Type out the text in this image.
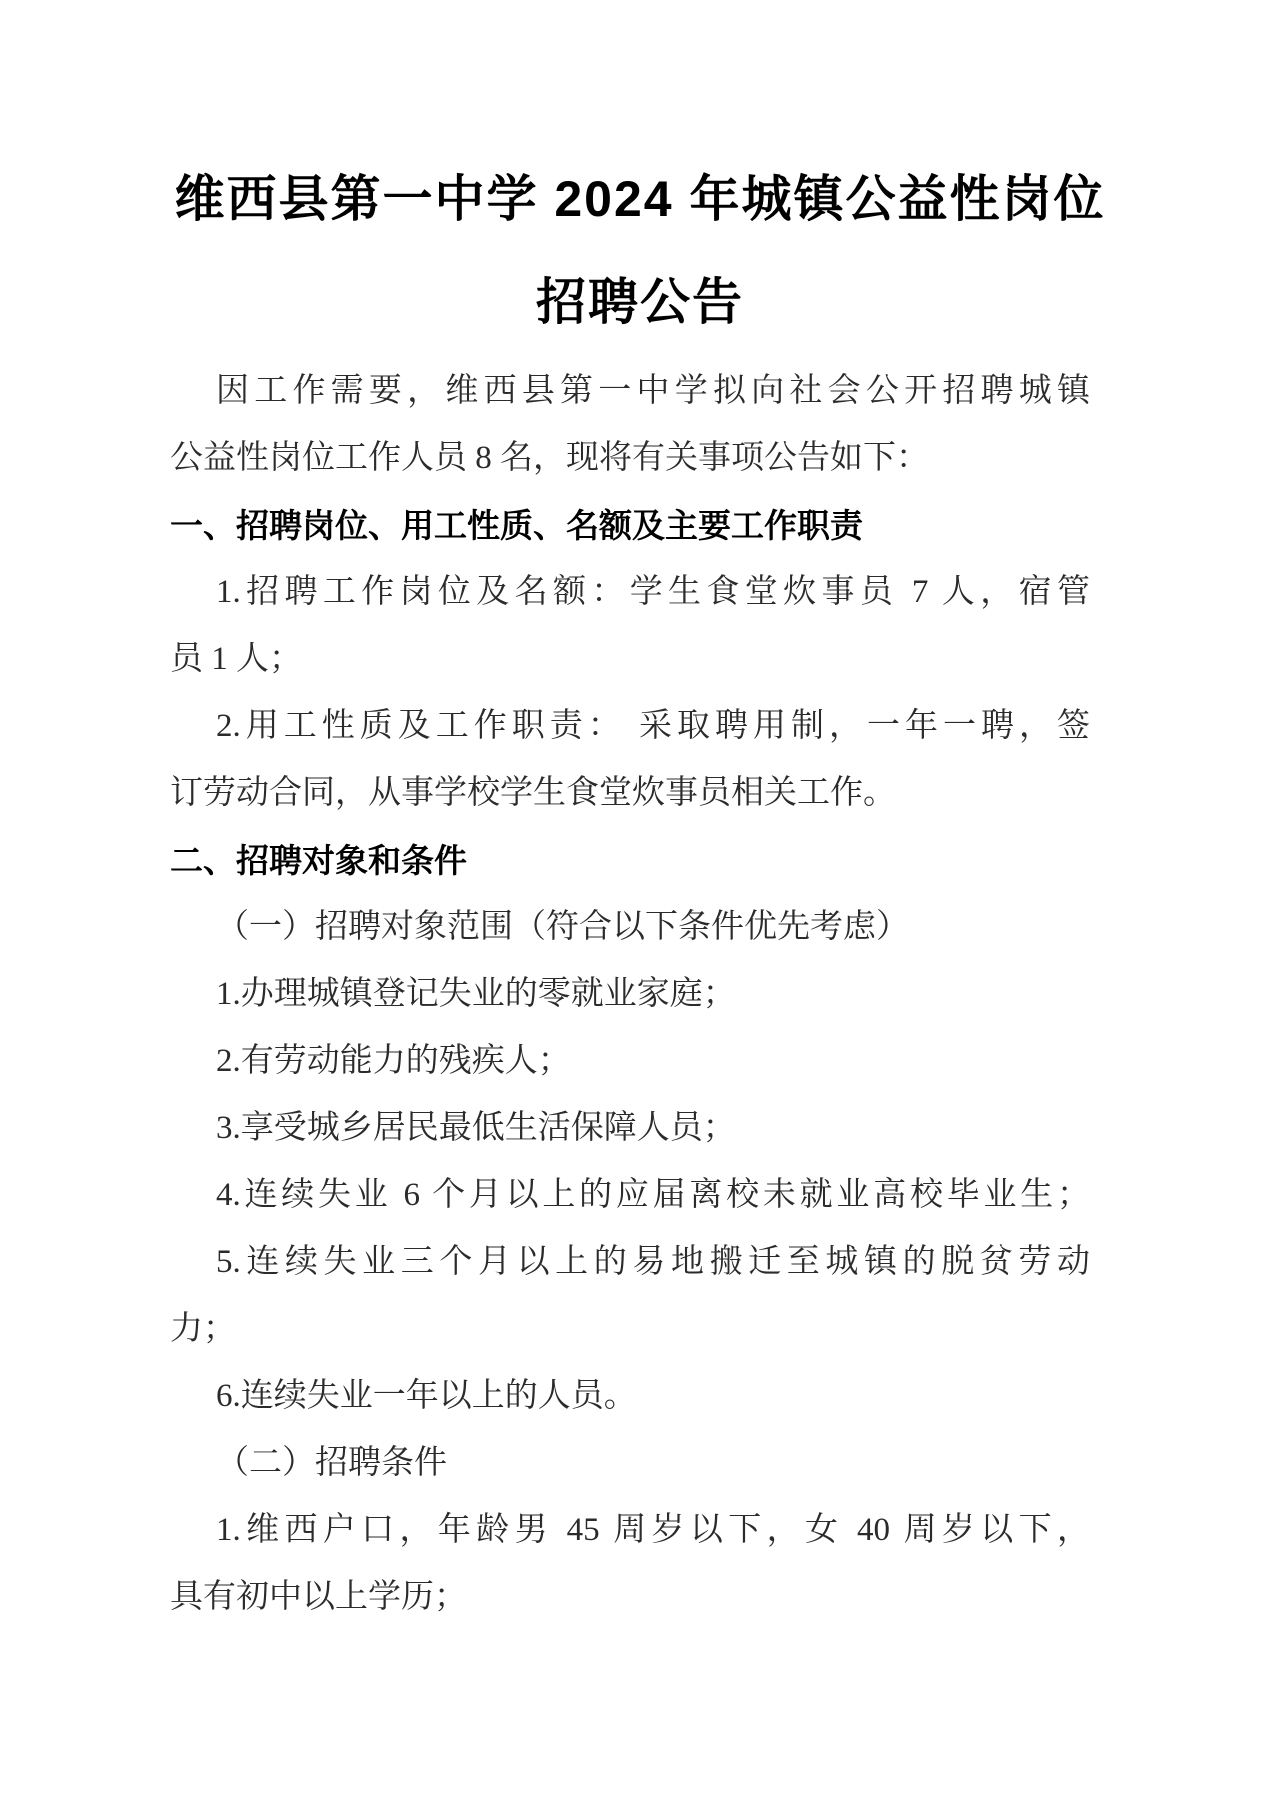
维西县第一中学 2024 年城镇公益性岗位
招聘公告
因工作需要，维西县第一中学拟向社会公开招聘城镇
公益性岗位工作人员 8 名，现将有关事项公告如下：
一、招聘岗位、用工性质、名额及主要工作职责
1.招聘工作岗位及名额：学生食堂炊事员 7 人，宿管
员 1 人；
2.用工性质及工作职责： 采取聘用制，一年一聘，签
订劳动合同，从事学校学生食堂炊事员相关工作。
二、招聘对象和条件
（一）招聘对象范围（符合以下条件优先考虑）
1.办理城镇登记失业的零就业家庭；
2.有劳动能力的残疾人；
3.享受城乡居民最低生活保障人员；
4.连续失业 6 个月以上的应届离校未就业高校毕业生；
5.连续失业三个月以上的易地搬迁至城镇的脱贫劳动
力；
6.连续失业一年以上的人员。
（二）招聘条件
1.维西户口，年龄男 45 周岁以下，女 40 周岁以下，
具有初中以上学历；
